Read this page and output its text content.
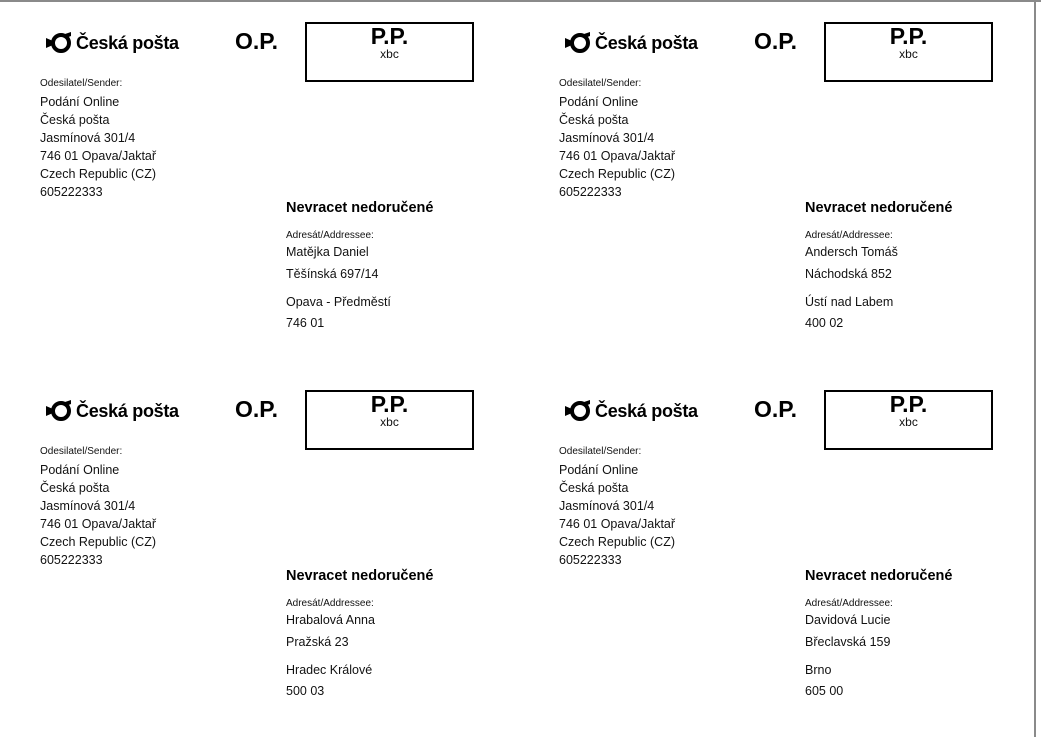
Česká pošta O.P.	P.P.
xbc
Odesilatel/Sender:
Podání Online
Česká pošta
Jasmínová 301/4
746 01 Opava/Jaktař
Czech Republic (CZ)
605222333
Nevracet nedoručené
Adresát/Addressee:
Matějka Daniel
Těšínská 697/14
Opava - Předměstí
746 01
Česká pošta O.P.	P.P.
xbc
Odesilatel/Sender:
Podání Online
Česká pošta
Jasmínová 301/4
746 01 Opava/Jaktař
Czech Republic (CZ)
605222333
Nevracet nedoručené
Adresát/Addressee:
Andersch Tomáš
Náchodská 852
Ústí nad Labem
400 02
Česká pošta O.P.	P.P.
xbc
Odesilatel/Sender:
Podání Online
Česká pošta
Jasmínová 301/4
746 01 Opava/Jaktař
Czech Republic (CZ)
605222333
Nevracet nedoručené
Adresát/Addressee:
Hrabalová Anna
Pražská 23
Hradec Králové
500 03
Česká pošta O.P.	P.P.
xbc
Odesilatel/Sender:
Podání Online
Česká pošta
Jasmínová 301/4
746 01 Opava/Jaktař
Czech Republic (CZ)
605222333
Nevracet nedoručené
Adresát/Addressee:
Davidová Lucie
Břeclavská 159
Brno
605 00
